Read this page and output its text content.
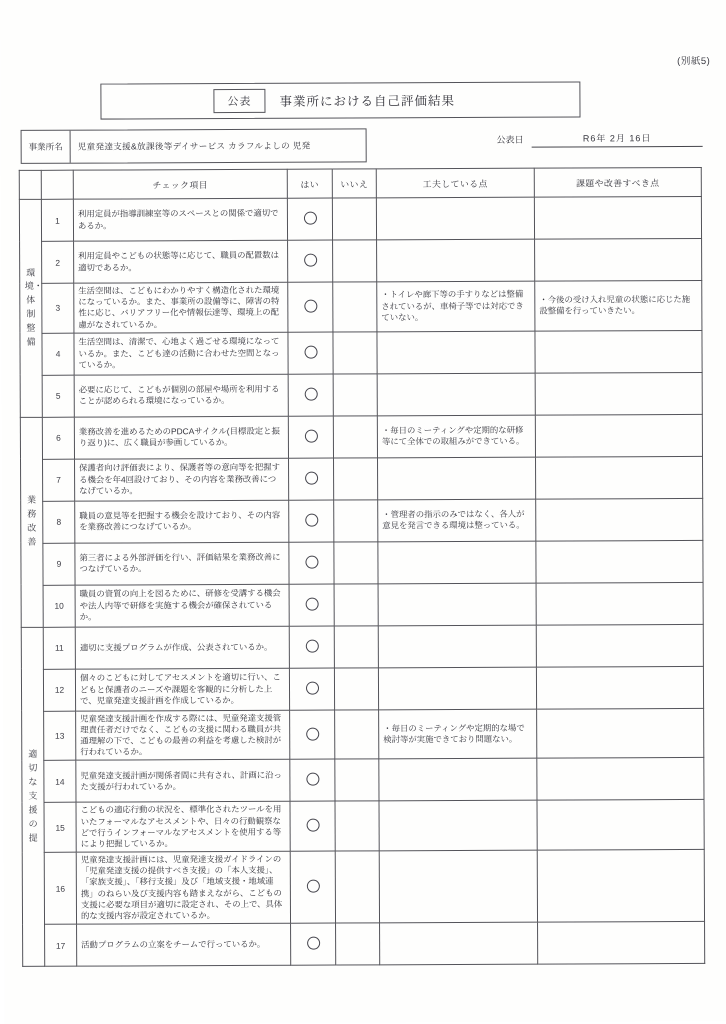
(別紙5)
公表	事業所における自己評価結果
事業所名	児童発達支援&放課後等デイサービス カラフルよしの 児発
公表日	R6年 2月 16日
		チェック項目	はい	いいえ	工夫している点	課題や改善すべき点

環境・体制整備	1	利用定員が指導訓練室等のスペースとの関係で適切であるか。				
	2	利用定員やこどもの状態等に応じて、職員の配置数は適切であるか。				
	3	生活空間は、こどもにわかりやすく構造化された環境になっているか。また、事業所の設備等に、障害の特性に応じ、バリアフリー化や情報伝達等、環境上の配慮がなされているか。			・トイレや廊下等の手すりなどは整備されているが、車椅子等では対応できていない。	・今後の受け入れ児童の状態に応じた施設整備を行っていきたい。
	4	生活空間は、清潔で、心地よく過ごせる環境になっているか。また、こども達の活動に合わせた空間となっているか。				
	5	必要に応じて、こどもが個別の部屋や場所を利用することが認められる環境になっているか。				

業務改善	6	業務改善を進めるためのPDCAサイクル(目標設定と振り返り)に、広く職員が参画しているか。			・毎日のミーティングや定期的な研修等にて全体での取組みができている。	
	7	保護者向け評価表により、保護者等の意向等を把握する機会を年4回設けており、その内容を業務改善につなげているか。				
	8	職員の意見等を把握する機会を設けており、その内容を業務改善につなげているか。			・管理者の指示のみではなく、各人が意見を発言できる環境は整っている。	
	9	第三者による外部評価を行い、評価結果を業務改善につなげているか。				
	10	職員の資質の向上を図るために、研修を受講する機会や法人内等で研修を実施する機会が確保されているか。				

適切な支援の提	11	適切に支援プログラムが作成、公表されているか。				
	12	個々のこどもに対してアセスメントを適切に行い、こどもと保護者のニーズや課題を客観的に分析した上で、児童発達支援計画を作成しているか。				
	13	児童発達支援計画を作成する際には、児童発達支援管理責任者だけでなく、こどもの支援に関わる職員が共通理解の下で、こどもの最善の利益を考慮した検討が行われているか。			・毎日のミーティングや定期的な場で検討等が実施できており問題ない。	
	14	児童発達支援計画が関係者間に共有され、計画に沿った支援が行われているか。				
	15	こどもの適応行動の状況を、標準化されたツールを用いたフォーマルなアセスメントや、日々の行動観察などで行うインフォーマルなアセスメントを使用する等により把握しているか。				
	16	児童発達支援計画には、児童発達支援ガイドラインの「児童発達支援の提供すべき支援」の「本人支援」、「家族支援」、「移行支援」及び「地域支援・地域連携」のねらい及び支援内容も踏まえながら、こどもの支援に必要な項目が適切に設定され、その上で、具体的な支援内容が設定されているか。				
	17	活動プログラムの立案をチームで行っているか。				
